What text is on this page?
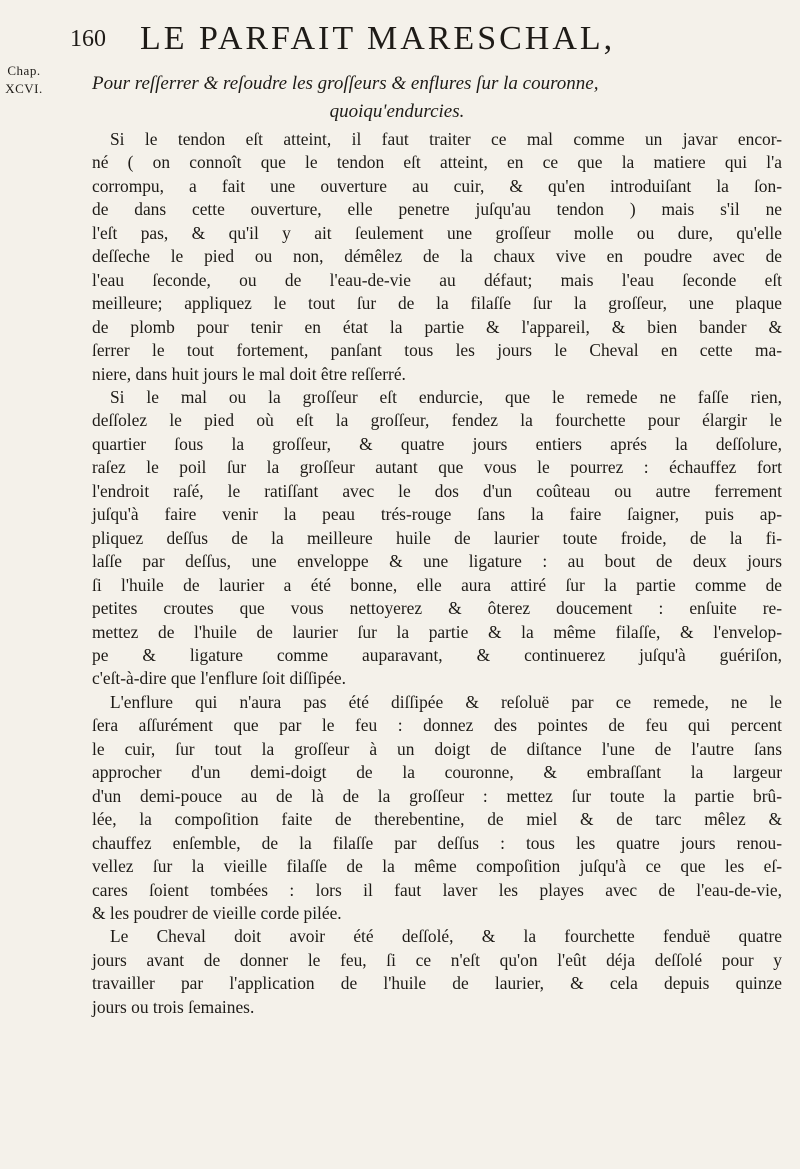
Chap.
XCVI.
160 LE PARFAIT MARESCHAL,
Pour reſſerrer & reſoudre les groſſeurs & enflures ſur la couronne,
quoiqu'endurcies.
Si le tendon eſt atteint, il faut traiter ce mal comme un javar encor-
né ( on connoît que le tendon eſt atteint, en ce que la matiere qui l'a
corrompu, a fait une ouverture au cuir, & qu'en introduiſant la ſon-
de dans cette ouverture, elle penetre juſqu'au tendon ) mais s'il ne
l'eſt pas, & qu'il y ait ſeulement une groſſeur molle ou dure, qu'elle
deſſeche le pied ou non, démêlez de la chaux vive en poudre avec de
l'eau ſeconde, ou de l'eau-de-vie au défaut; mais l'eau ſeconde eſt
meilleure; appliquez le tout ſur de la filaſſe ſur la groſſeur, une plaque
de plomb pour tenir en état la partie & l'appareil, & bien bander &
ſerrer le tout fortement, panſant tous les jours le Cheval en cette ma-
niere, dans huit jours le mal doit être reſſerré.
Si le mal ou la groſſeur eſt endurcie, que le remede ne faſſe rien,
deſſolez le pied où eſt la groſſeur, fendez la fourchette pour élargir le
quartier ſous la groſſeur, & quatre jours entiers aprés la deſſolure,
raſez le poil ſur la groſſeur autant que vous le pourrez : échauffez fort
l'endroit raſé, le ratiſſant avec le dos d'un coûteau ou autre ferrement
juſqu'à faire venir la peau trés-rouge ſans la faire ſaigner, puis ap-
pliquez deſſus de la meilleure huile de laurier toute froide, de la fi-
laſſe par deſſus, une enveloppe & une ligature : au bout de deux jours
ſi l'huile de laurier a été bonne, elle aura attiré ſur la partie comme de
petites croutes que vous nettoyerez & ôterez doucement : enſuite re-
mettez de l'huile de laurier ſur la partie & la même filaſſe, & l'envelop-
pe & ligature comme auparavant, & continuerez juſqu'à guériſon,
c'eſt-à-dire que l'enflure ſoit diſſipée.
L'enflure qui n'aura pas été diſſipée & reſoluë par ce remede, ne le
ſera aſſurément que par le feu : donnez des pointes de feu qui percent
le cuir, ſur tout la groſſeur à un doigt de diſtance l'une de l'autre ſans
approcher d'un demi-doigt de la couronne, & embraſſant la largeur
d'un demi-pouce au de là de la groſſeur : mettez ſur toute la partie brû-
lée, la compoſition faite de therebentine, de miel & de tarc mêlez &
chauffez enſemble, de la filaſſe par deſſus : tous les quatre jours renou-
vellez ſur la vieille filaſſe de la même compoſition juſqu'à ce que les eſ-
cares ſoient tombées : lors il faut laver les playes avec de l'eau-de-vie,
& les poudrer de vieille corde pilée.
Le Cheval doit avoir été deſſolé, & la fourchette fenduë quatre
jours avant de donner le feu, ſi ce n'eſt qu'on l'eût déja deſſolé pour y
travailler par l'application de l'huile de laurier, & cela depuis quinze
jours ou trois ſemaines.
